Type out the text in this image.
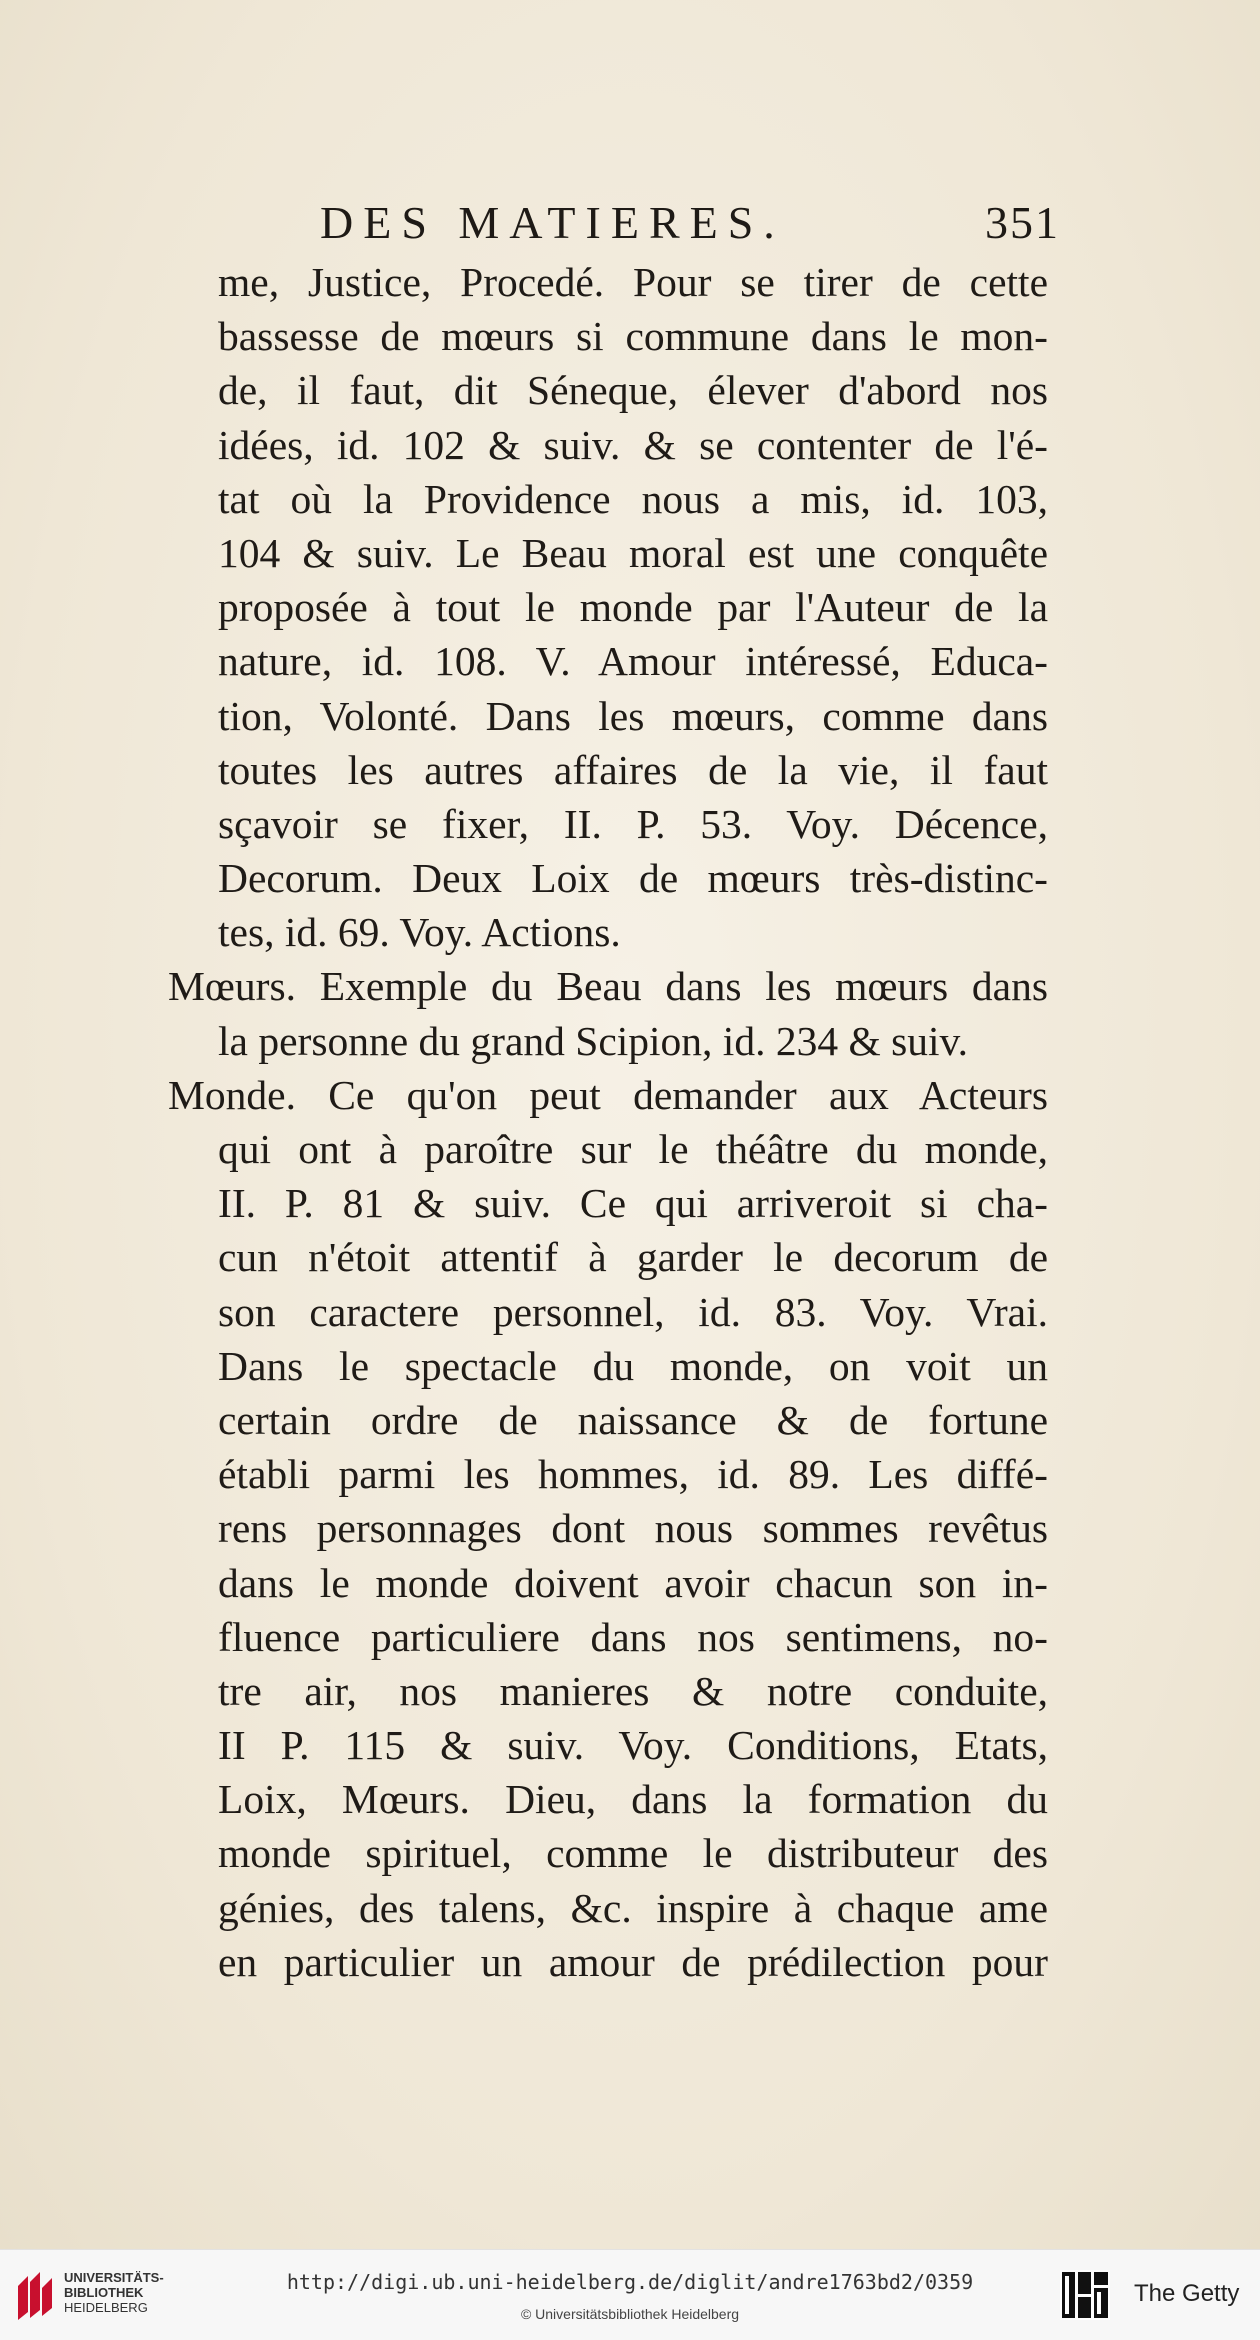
DES MATIERES.	351
me, Justice, Procedé. Pour se tirer de cette
bassesse de mœurs si commune dans le mon-
de, il faut, dit Séneque, élever d'abord nos
idées, id. 102 & suiv. & se contenter de l'é-
tat où la Providence nous a mis, id. 103,
104 & suiv. Le Beau moral est une conquête
proposée à tout le monde par l'Auteur de la
nature, id. 108. V. Amour intéressé, Educa-
tion, Volonté. Dans les mœurs, comme dans
toutes les autres affaires de la vie, il faut
sçavoir se fixer, II. P. 53. Voy. Décence,
Decorum. Deux Loix de mœurs très-distinc-
tes, id. 69. Voy. Actions.
Mœurs. Exemple du Beau dans les mœurs dans
la personne du grand Scipion, id. 234 & suiv.
Monde. Ce qu'on peut demander aux Acteurs
qui ont à paroître sur le théâtre du monde,
II. P. 81 & suiv. Ce qui arriveroit si cha-
cun n'étoit attentif à garder le decorum de
son caractere personnel, id. 83. Voy. Vrai.
Dans le spectacle du monde, on voit un
certain ordre de naissance & de fortune
établi parmi les hommes, id. 89. Les diffé-
rens personnages dont nous sommes revêtus
dans le monde doivent avoir chacun son in-
fluence particuliere dans nos sentimens, no-
tre air, nos manieres & notre conduite,
II P. 115 & suiv. Voy. Conditions, Etats,
Loix, Mœurs. Dieu, dans la formation du
monde spirituel, comme le distributeur des
génies, des talens, &c. inspire à chaque ame
en particulier un amour de prédilection pour
UNIVERSITÄTS-
BIBLIOTHEK
HEIDELBERG
http://digi.ub.uni-heidelberg.de/diglit/andre1763bd2/0359
© Universitätsbibliothek Heidelberg
The Getty
